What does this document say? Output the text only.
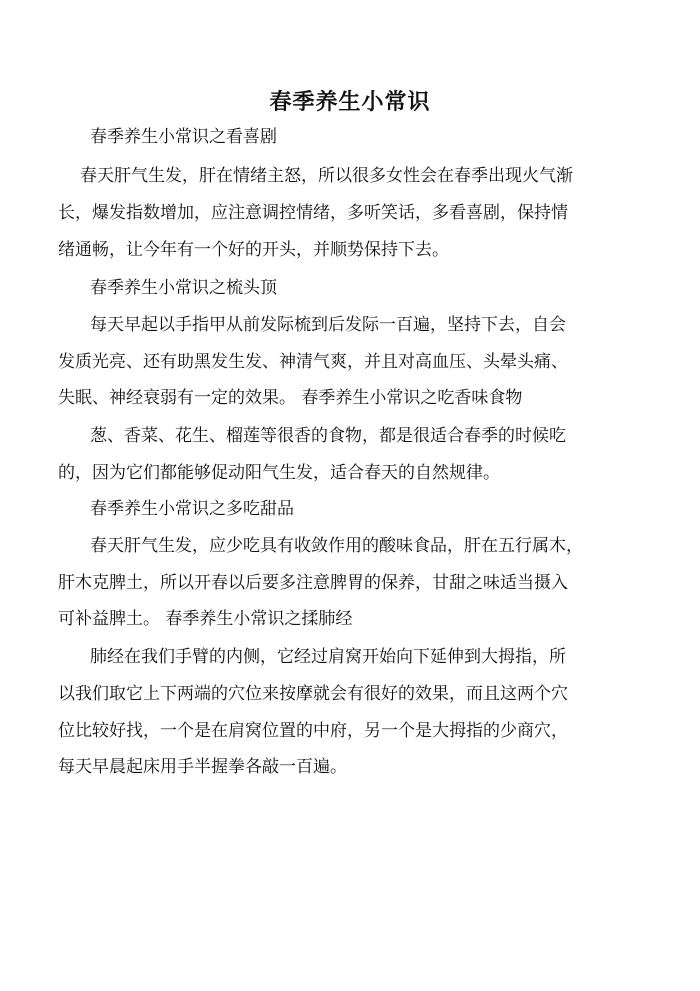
春季养生小常识
春季养生小常识之看喜剧
春天肝气生发，肝在情绪主怒，所以很多女性会在春季出现火气渐
长，爆发指数增加，应注意调控情绪，多听笑话，多看喜剧，保持情
绪通畅，让今年有一个好的开头，并顺势保持下去。
春季养生小常识之梳头顶
每天早起以手指甲从前发际梳到后发际一百遍，坚持下去，自会
发质光亮、还有助黑发生发、神清气爽，并且对高血压、头晕头痛、
失眠、神经衰弱有一定的效果。 春季养生小常识之吃香味食物
葱、香菜、花生、榴莲等很香的食物，都是很适合春季的时候吃
的，因为它们都能够促动阳气生发，适合春天的自然规律。
春季养生小常识之多吃甜品
春天肝气生发，应少吃具有收敛作用的酸味食品，肝在五行属木，
肝木克脾土，所以开春以后要多注意脾胃的保养，甘甜之味适当摄入
可补益脾土。 春季养生小常识之揉肺经
肺经在我们手臂的内侧，它经过肩窝开始向下延伸到大拇指，所
以我们取它上下两端的穴位来按摩就会有很好的效果，而且这两个穴
位比较好找，一个是在肩窝位置的中府，另一个是大拇指的少商穴，
每天早晨起床用手半握拳各敲一百遍。
